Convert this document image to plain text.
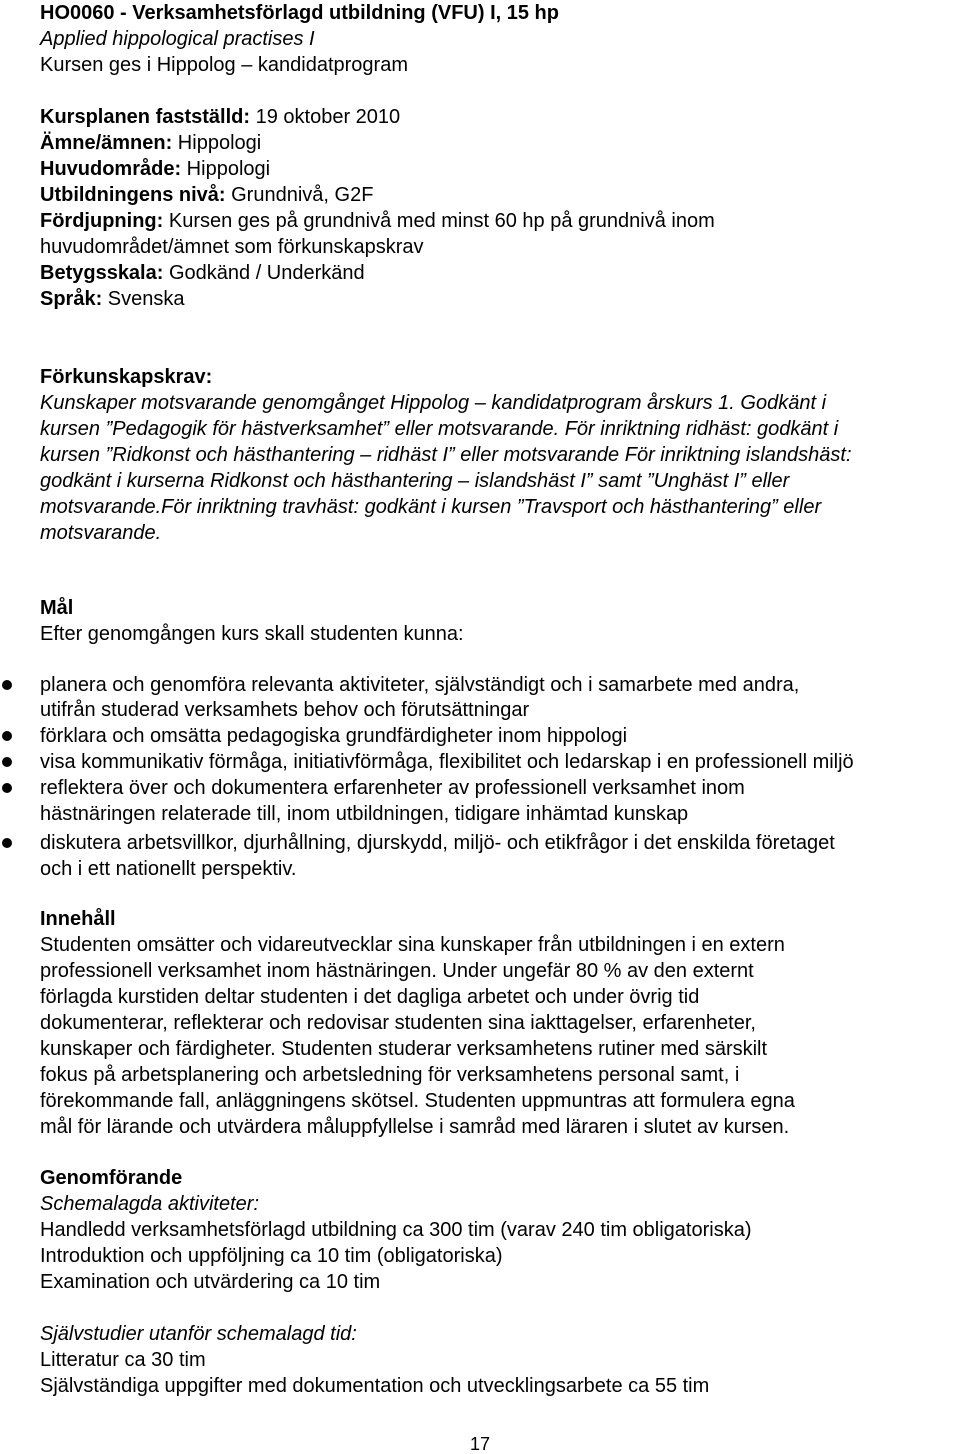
HO0060 - Verksamhetsförlagd utbildning (VFU) I, 15 hp
Applied hippological practises I
Kursen ges i Hippolog – kandidatprogram
Kursplanen fastställd: 19 oktober 2010
Ämne/ämnen: Hippologi
Huvudområde: Hippologi
Utbildningens nivå: Grundnivå, G2F
Fördjupning: Kursen ges på grundnivå med minst 60 hp på grundnivå inom
huvudområdet/ämnet som förkunskapskrav
Betygsskala: Godkänd / Underkänd
Språk: Svenska
Förkunskapskrav:
Kunskaper motsvarande genomgånget Hippolog – kandidatprogram årskurs 1. Godkänt i
kursen ”Pedagogik för hästverksamhet” eller motsvarande. För inriktning ridhäst: godkänt i
kursen ”Ridkonst och hästhantering – ridhäst I” eller motsvarande För inriktning islandshäst:
godkänt i kurserna Ridkonst och hästhantering – islandshäst I” samt ”Unghäst I” eller
motsvarande.För inriktning travhäst: godkänt i kursen ”Travsport och hästhantering” eller
motsvarande.
Mål
Efter genomgången kurs skall studenten kunna:
planera och genomföra relevanta aktiviteter, självständigt och i samarbete med andra,
utifrån studerad verksamhets behov och förutsättningar
förklara och omsätta pedagogiska grundfärdigheter inom hippologi
visa kommunikativ förmåga, initiativförmåga, flexibilitet och ledarskap i en professionell miljö
reflektera över och dokumentera erfarenheter av professionell verksamhet inom
hästnäringen relaterade till, inom utbildningen, tidigare inhämtad kunskap
diskutera arbetsvillkor, djurhållning, djurskydd, miljö- och etikfrågor i det enskilda företaget
och i ett nationellt perspektiv.
Innehåll
Studenten omsätter och vidareutvecklar sina kunskaper från utbildningen i en extern
professionell verksamhet inom hästnäringen. Under ungefär 80 % av den externt
förlagda kurstiden deltar studenten i det dagliga arbetet och under övrig tid
dokumenterar, reflekterar och redovisar studenten sina iakttagelser, erfarenheter,
kunskaper och färdigheter. Studenten studerar verksamhetens rutiner med särskilt
fokus på arbetsplanering och arbetsledning för verksamhetens personal samt, i
förekommande fall, anläggningens skötsel. Studenten uppmuntras att formulera egna
mål för lärande och utvärdera måluppfyllelse i samråd med läraren i slutet av kursen.
Genomförande
Schemalagda aktiviteter:
Handledd verksamhetsförlagd utbildning ca 300 tim (varav 240 tim obligatoriska)
Introduktion och uppföljning ca 10 tim (obligatoriska)
Examination och utvärdering ca 10 tim
Självstudier utanför schemalagd tid:
Litteratur ca 30 tim
Självständiga uppgifter med dokumentation och utvecklingsarbete ca 55 tim
17
